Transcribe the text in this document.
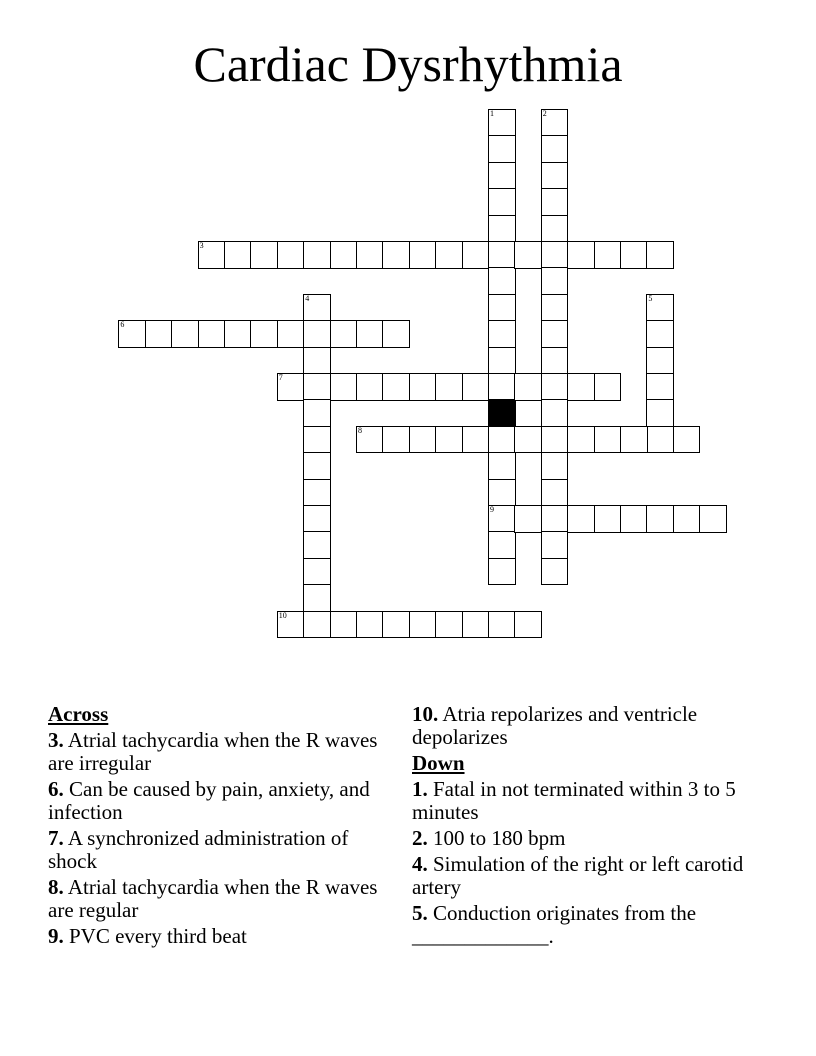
Cardiac Dysrhythmia
1
9
2
3
4	5
6
7
8
10
Across
3. Atrial tachycardia when the R waves are irregular
6. Can be caused by pain, anxiety, and infection
7. A synchronized administration of shock
8. Atrial tachycardia when the R waves are regular
9. PVC every third beat
10. Atria repolarizes and ventricle depolarizes
Down
1. Fatal in not terminated within 3 to 5 minutes
2. 100 to 180 bpm
4. Simulation of the right or left carotid artery
5. Conduction originates from the _____________.
